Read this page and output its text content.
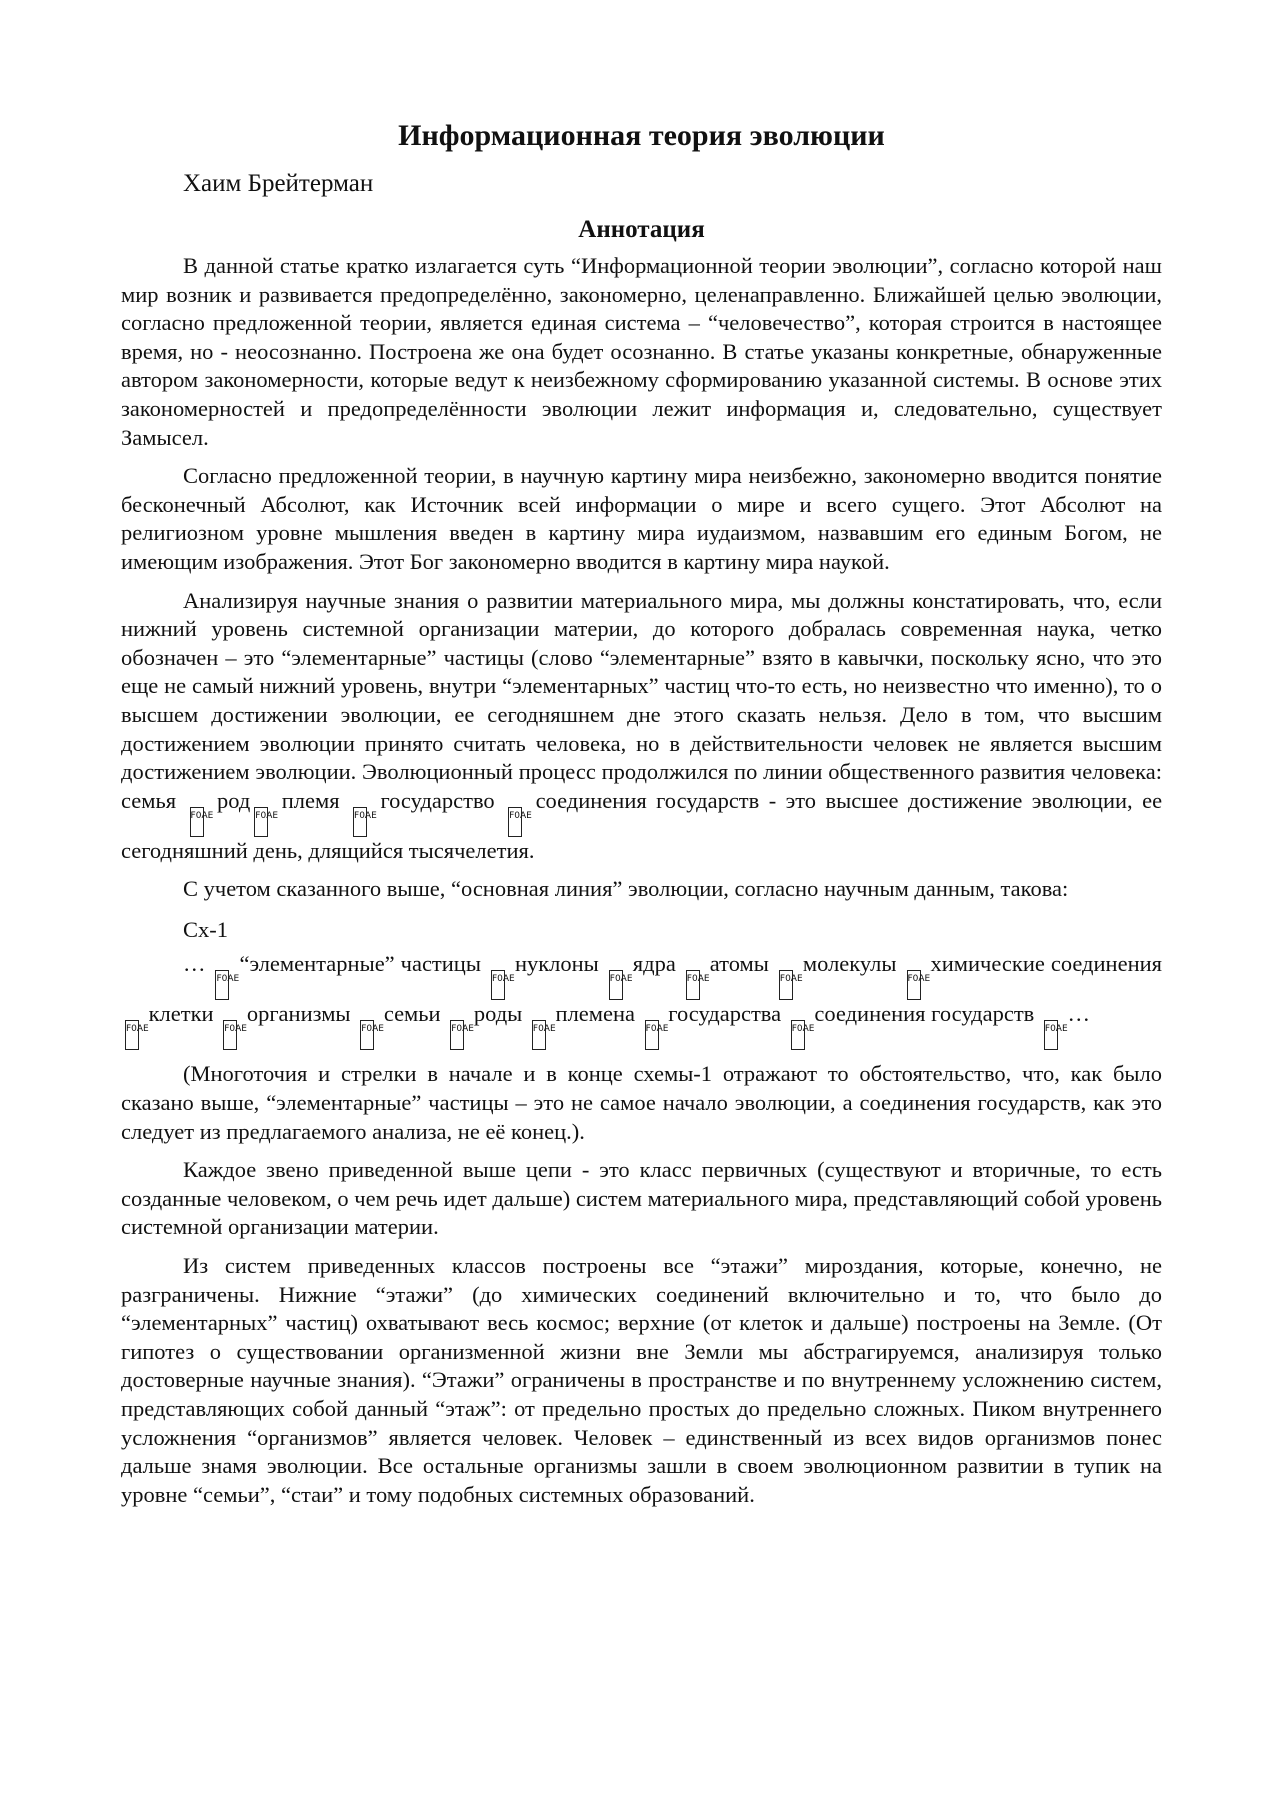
Информационная теория эволюции
Хаим Брейтерман
Аннотация

В данной статье кратко излагается суть “Информационной теории эволюции”, согласно которой наш мир возник и развивается предопределённо, закономерно, целенаправленно. Ближайшей целью эволюции, согласно предложенной теории, является единая система – “человечество”, которая строится в настоящее время, но - неосознанно. Построена же она будет осознанно. В статье указаны конкретные, обнаруженные автором закономерности, которые ведут к неизбежному сформированию указанной системы. В основе этих закономерностей и предопределённости эволюции лежит информация и, следовательно, существует Замысел.

Согласно предложенной теории, в научную картину мира неизбежно, закономерно вводится понятие бесконечный Абсолют, как Источник всей информации о мире и всего сущего. Этот Абсолют на религиозном уровне мышления введен в картину мира иудаизмом, назвавшим его единым Богом, не имеющим изображения. Этот Бог закономерно вводится в картину мира наукой.

Анализируя научные знания о развитии материального мира, мы должны констатировать, что, если нижний уровень системной организации материи, до которого добралась современная наука, четко обозначен – это “элементарные” частицы (слово “элементарные” взято в кавычки, поскольку ясно, что это еще не самый нижний уровень, внутри “элементарных” частиц что-то есть, но неизвестно что именно), то о высшем достижении эволюции, ее сегодняшнем дне этого сказать нельзя. Дело в том, что высшим достижением эволюции принято считать человека, но в действительности человек не является высшим достижением эволюции. Эволюционный процесс продолжился по линии общественного развития человека: семья F0AE родF0AE племя F0AE государство F0AE соединения государств - это высшее достижение эволюции, ее сегодняшний день, длящийся тысячелетия.

С учетом сказанного выше, “основная линия” эволюции, согласно научным данным, такова:

Сх-1

… F0AE “элементарные” частицы F0AE нуклоны F0AE ядра F0AE атомы F0AE молекулы F0AE химические соединения F0AE клетки F0AE организмы F0AE семьи F0AE роды F0AE племена F0AE государства F0AE соединения государств F0AE …

(Многоточия и стрелки в начале и в конце схемы-1 отражают то обстоятельство, что, как было сказано выше, “элементарные” частицы – это не самое начало эволюции, а соединения государств, как это следует из предлагаемого анализа, не её конец.).

Каждое звено приведенной выше цепи - это класс первичных (существуют и вторичные, то есть созданные человеком, о чем речь идет дальше) систем материального мира, представляющий собой уровень системной организации материи.

Из систем приведенных классов построены все “этажи” мироздания, которые, конечно, не разграничены. Нижние “этажи” (до химических соединений включительно и то, что было до “элементарных” частиц) охватывают весь космос; верхние (от клеток и дальше) построены на Земле. (От гипотез о существовании организменной жизни вне Земли мы абстрагируемся, анализируя только достоверные научные знания). “Этажи” ограничены в пространстве и по внутреннему усложнению систем, представляющих собой данный “этаж”: от предельно простых до предельно сложных. Пиком внутреннего усложнения “организмов” является человек. Человек – единственный из всех видов организмов понес дальше знамя эволюции. Все остальные организмы зашли в своем эволюционном развитии в тупик на уровне “семьи”, “стаи” и тому подобных системных образований.
